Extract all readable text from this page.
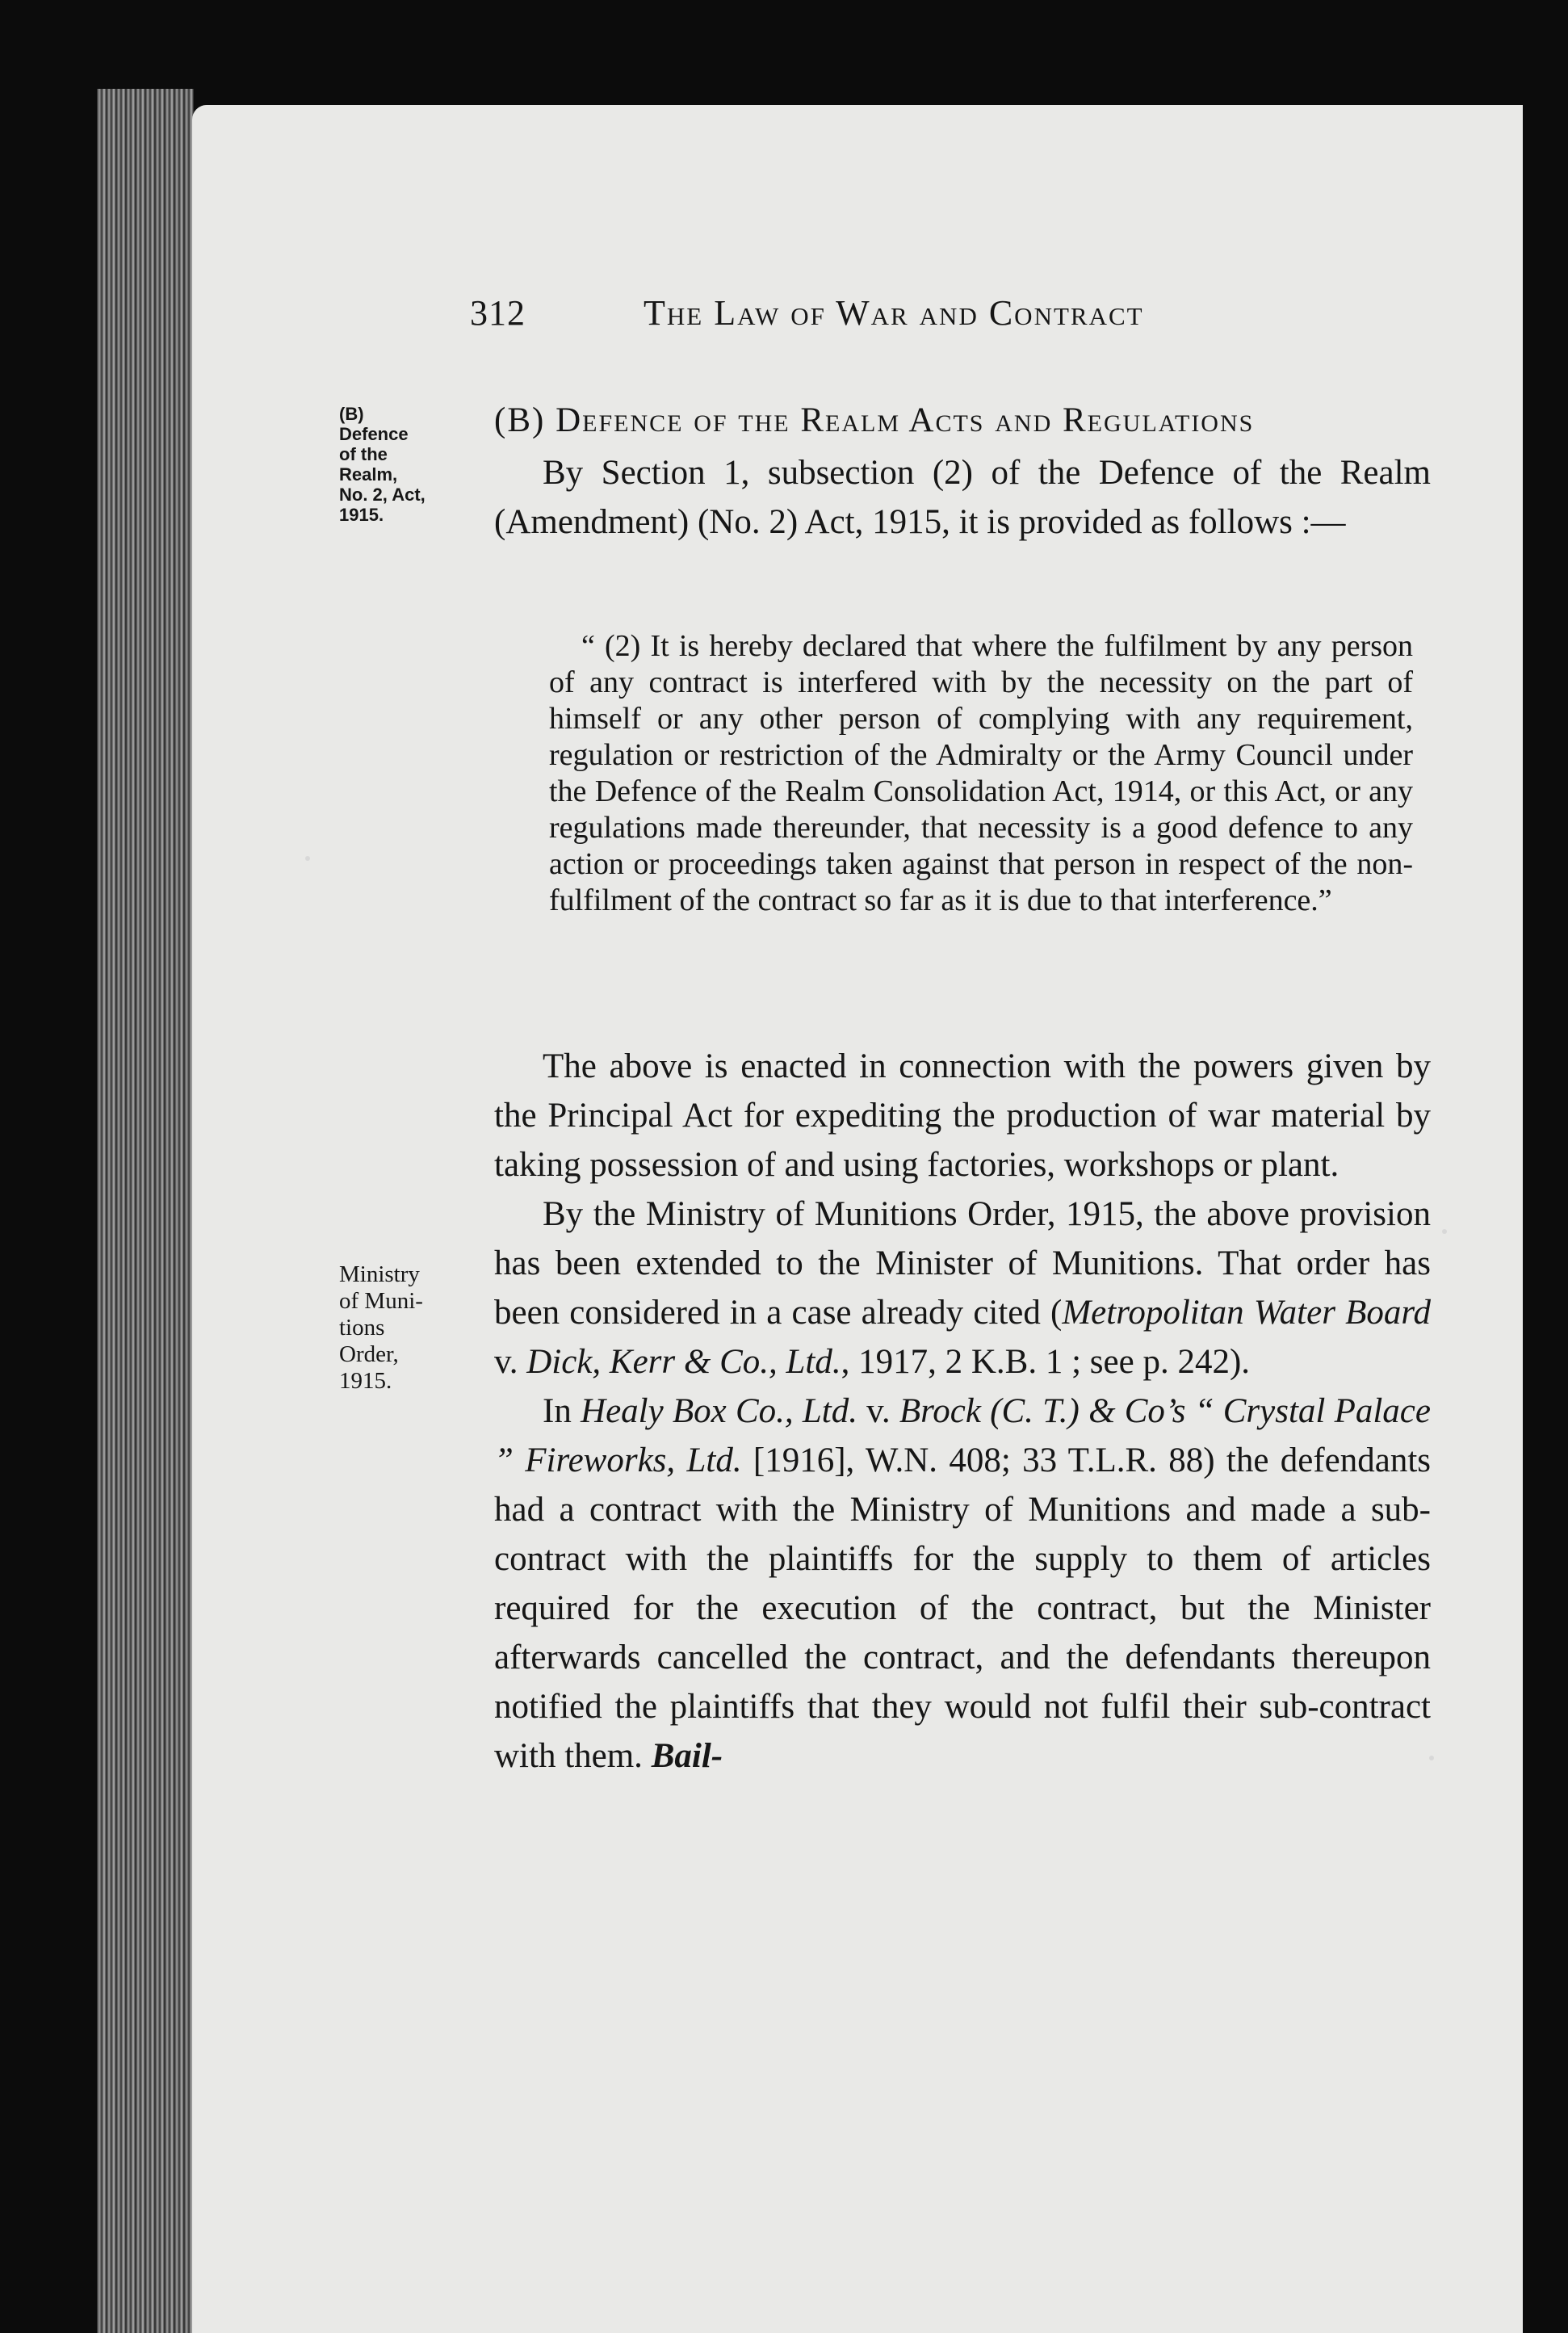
312	The Law of War and Contract
(B)
Defence
of the
Realm,
No. 2, Act,
1915.
Ministry
of Muni-
tions
Order,
1915.

(B) Defence of the Realm Acts and Regulations

By Section 1, subsection (2) of the Defence of the Realm (Amendment) (No. 2) Act, 1915, it is provided as follows :—

“ (2) It is hereby declared that where the fulfilment by any person of any contract is interfered with by the necessity on the part of himself or any other person of complying with any requirement, regulation or restriction of the Admiralty or the Army Council under the Defence of the Realm Consolidation Act, 1914, or this Act, or any regulations made thereunder, that necessity is a good defence to any action or proceedings taken against that person in respect of the non-fulfilment of the contract so far as it is due to that interference.”

The above is enacted in connection with the powers given by the Principal Act for expediting the production of war material by taking possession of and using factories, workshops or plant.

By the Ministry of Munitions Order, 1915, the above provision has been extended to the Minister of Munitions. That order has been considered in a case already cited (Metropolitan Water Board v. Dick, Kerr & Co., Ltd., 1917, 2 K.B. 1 ; see p. 242).

In Healy Box Co., Ltd. v. Brock (C. T.) & Co’s “ Crystal Palace ” Fireworks, Ltd. [1916], W.N. 408; 33 T.L.R. 88) the defendants had a contract with the Ministry of Munitions and made a sub-contract with the plaintiffs for the supply to them of articles required for the execution of the contract, but the Minister afterwards cancelled the contract, and the defendants thereupon notified the plaintiffs that they would not fulfil their sub-contract with them. Bail-
